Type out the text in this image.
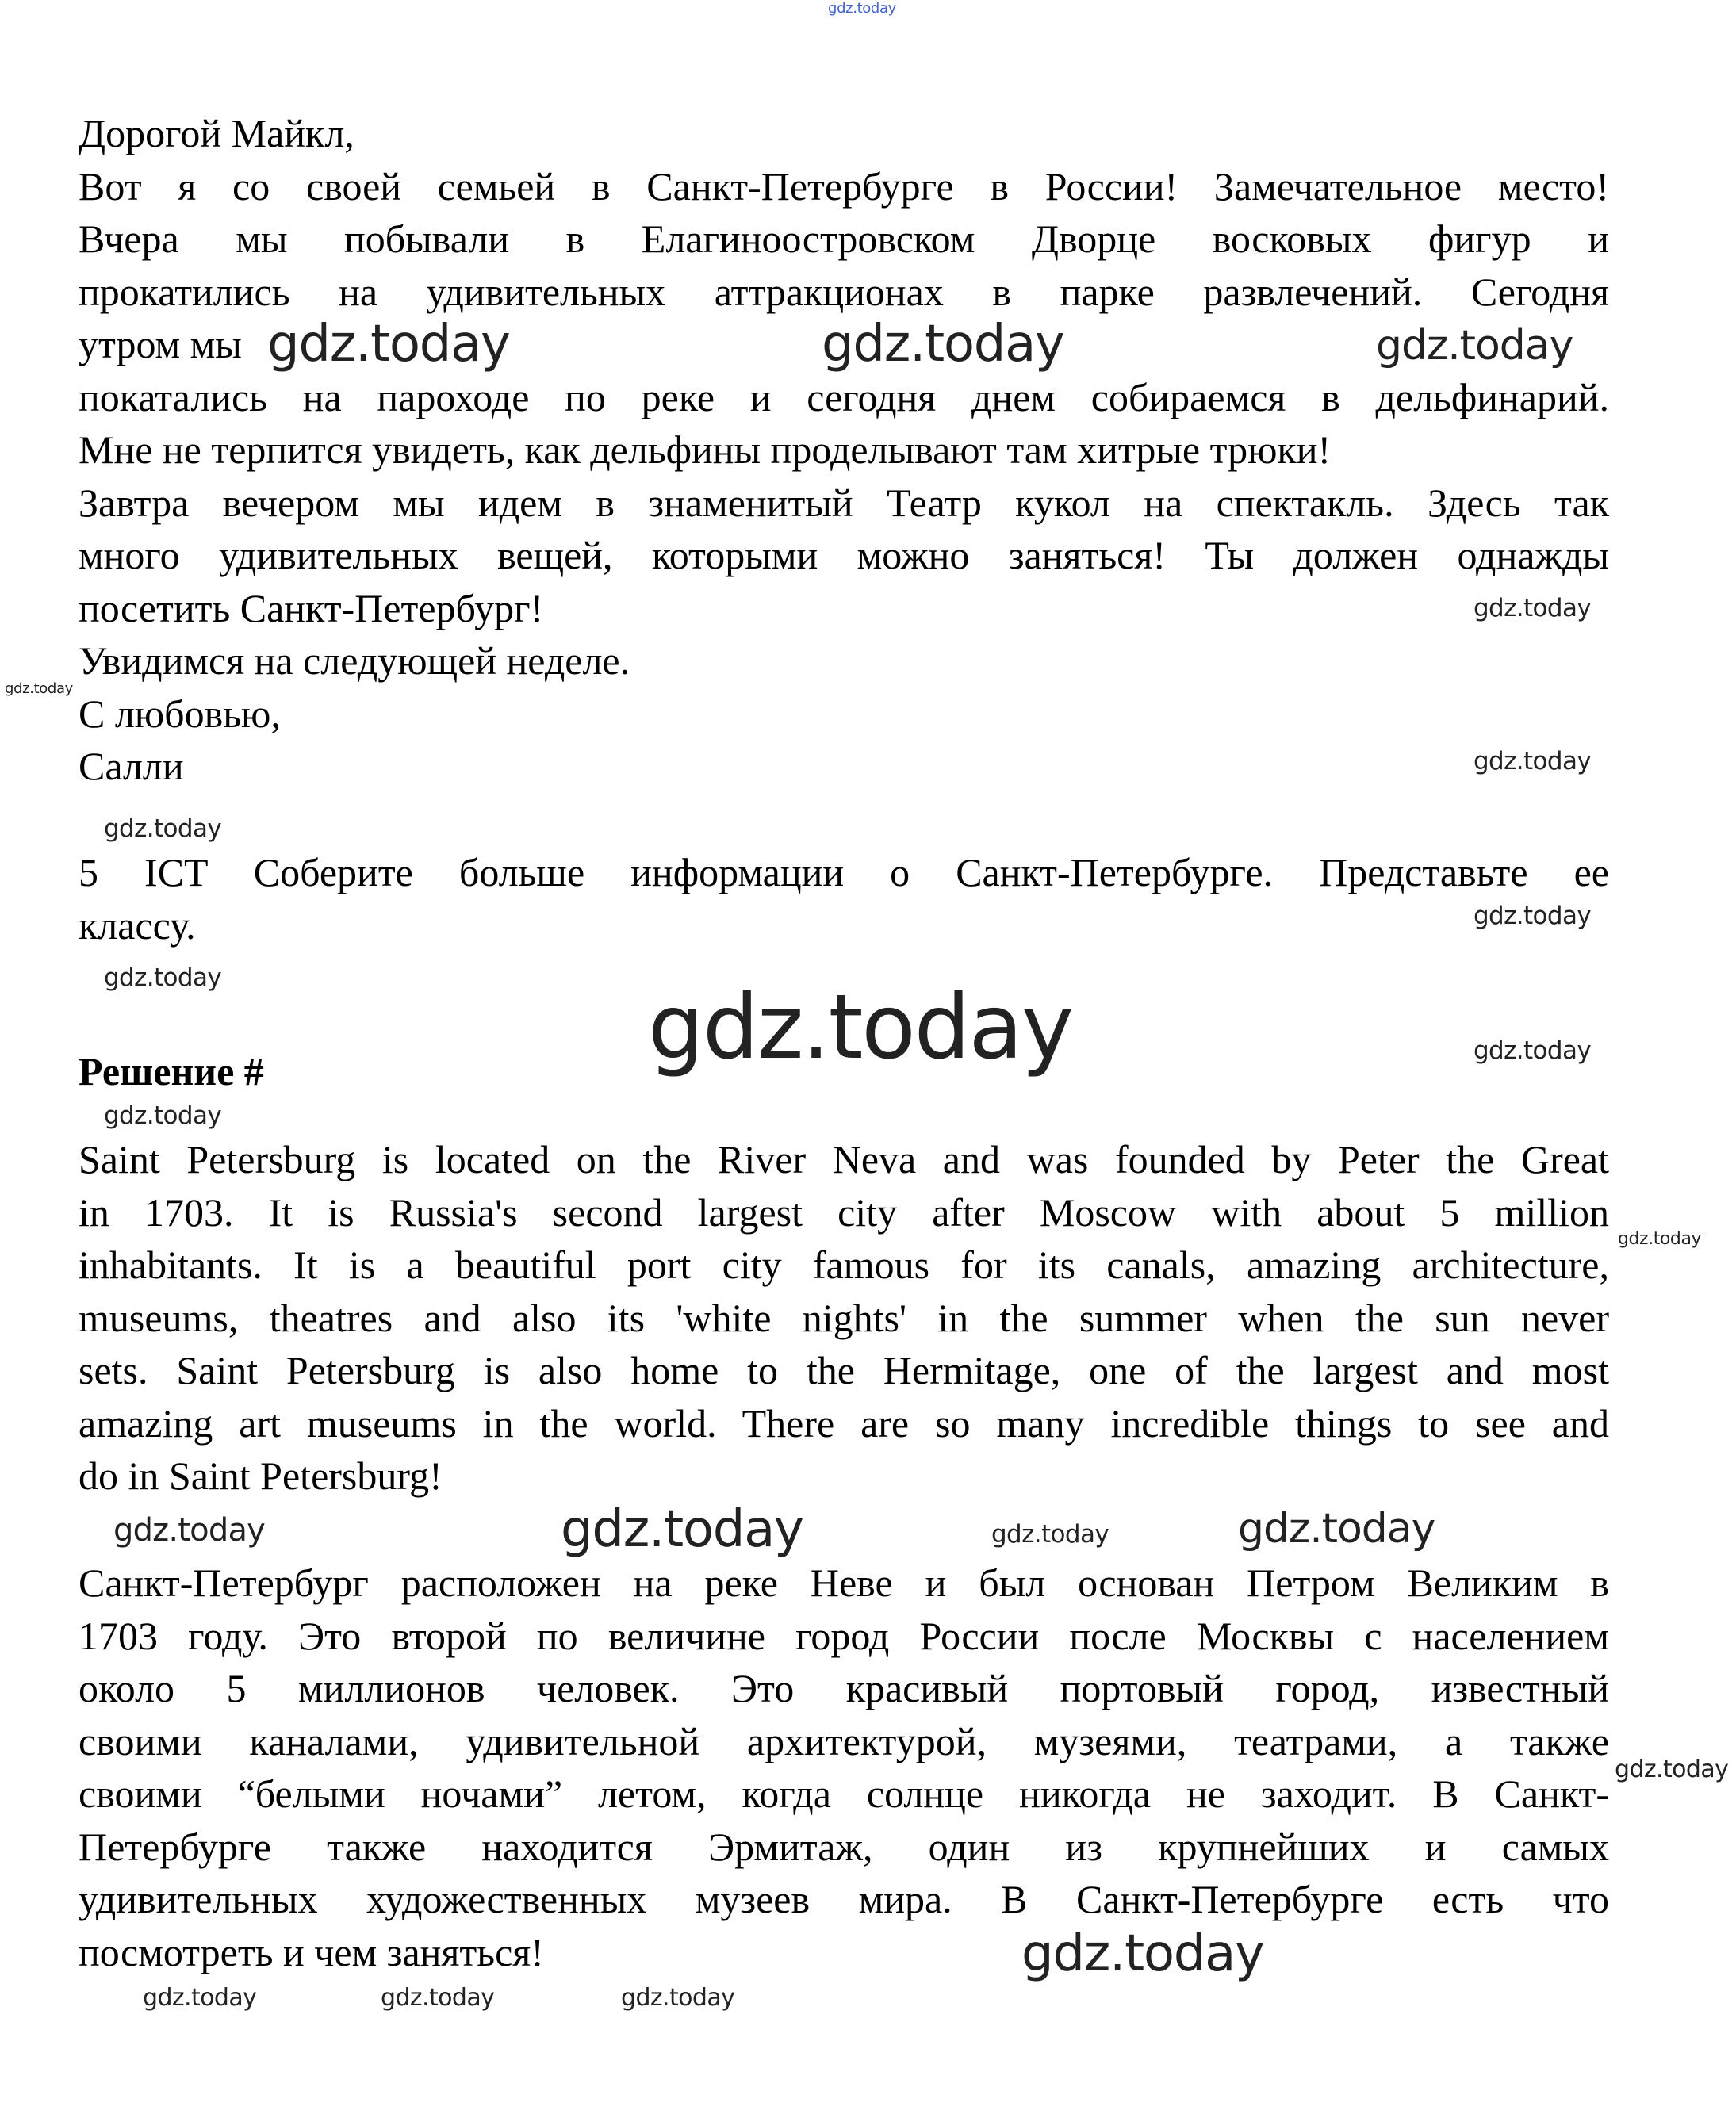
Дорогой Майкл,
Вот я со своей семьей в Санкт-Петербурге в России! Замечательное место!
Вчера мы побывали в Елагиноостровском Дворце восковых фигур и
прокатились на удивительных аттракционах в парке развлечений. Сегодня
утром мы
покатались на пароходе по реке и сегодня днем собираемся в дельфинарий.
Мне не терпится увидеть, как дельфины проделывают там хитрые трюки!
Завтра вечером мы идем в знаменитый Театр кукол на спектакль. Здесь так
много удивительных вещей, которыми можно заняться! Ты должен однажды
посетить Санкт-Петербург!
Увидимся на следующей неделе.
С любовью,
Салли
5 ICT Соберите больше информации о Санкт-Петербурге. Представьте ее
классу.
Решение #
Saint Petersburg is located on the River Neva and was founded by Peter the Great
in 1703. It is Russia's second largest city after Moscow with about 5 million
inhabitants. It is a beautiful port city famous for its canals, amazing architecture,
museums, theatres and also its 'white nights' in the summer when the sun never
sets. Saint Petersburg is also home to the Hermitage, one of the largest and most
amazing art museums in the world. There are so many incredible things to see and
do in Saint Petersburg!
Санкт-Петербург расположен на реке Неве и был основан Петром Великим в
1703 году. Это второй по величине город России после Москвы с населением
около 5 миллионов человек. Это красивый портовый город, известный
своими каналами, удивительной архитектурой, музеями, театрами, а также
своими “белыми ночами” летом, когда солнце никогда не заходит. В Санкт-
Петербурге также находится Эрмитаж, один из крупнейших и самых
удивительных художественных музеев мира. В Санкт-Петербурге есть что
посмотреть и чем заняться!
gdz.today
gdz.today	gdz.today	gdz.today
gdz.today
gdz.today
gdz.today
gdz.today
gdz.today
gdz.today	gdz.today	gdz.today
gdz.today
gdz.today
gdz.today
gdz.today	gdz.today	gdz.today
gdz.today
gdz.today	gdz.today
gdz.today
gdz.today
